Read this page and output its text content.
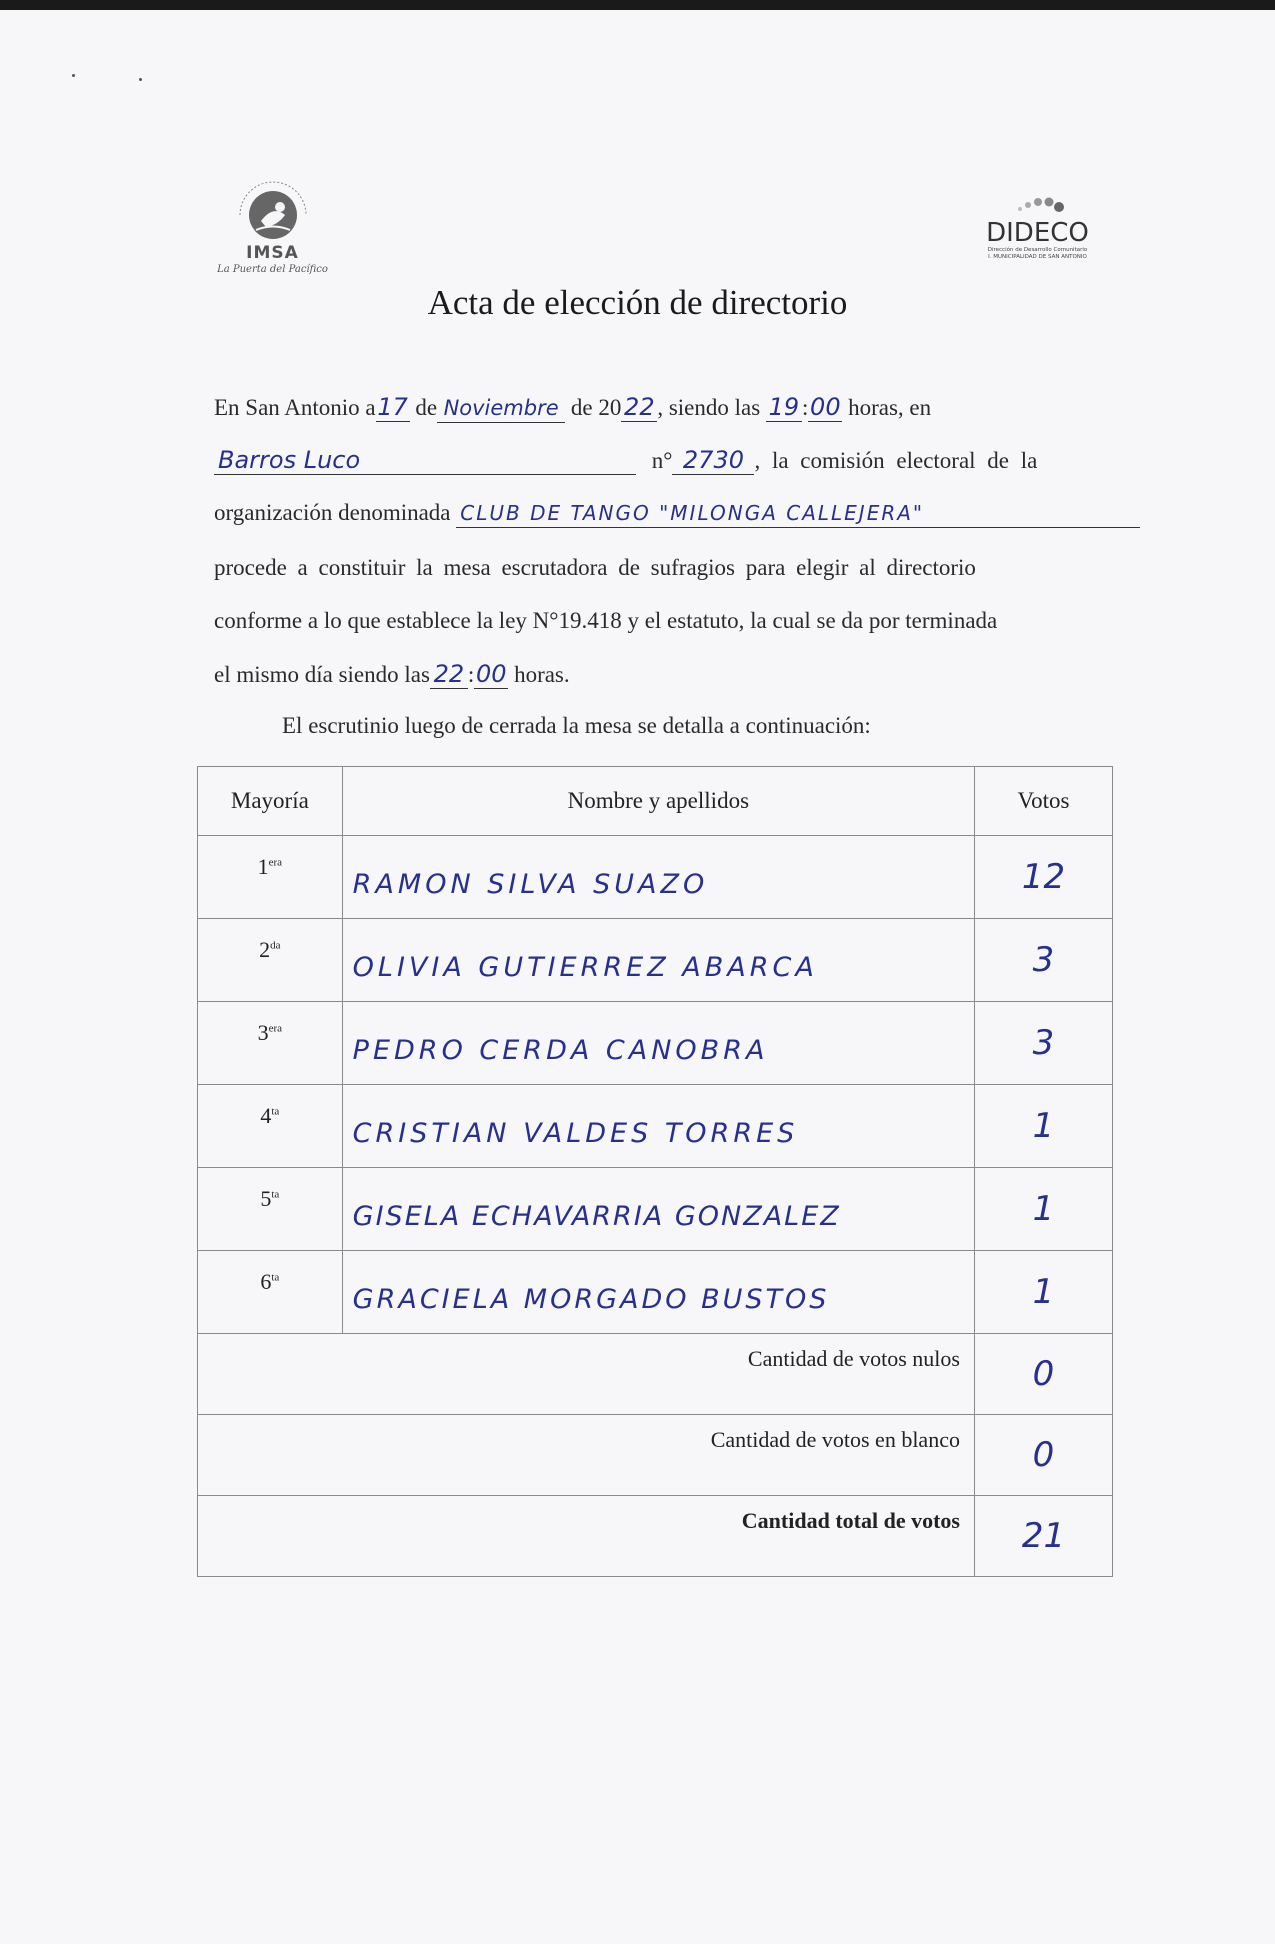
IMSA
La Puerta del Pacífico
DIDECO
Dirección de Desarrollo Comunitario
I. MUNICIPALIDAD DE SAN ANTONIO
Acta de elección de directorio
En San Antonio a17 de Noviembre de 20 22 , siendo las 19 :00 horas, en
Barros Luco	n° 2730 , la comisión electoral de la
organización denominada CLUB DE TANGO "MILONGA CALLEJERA"
procede a constituir la mesa escrutadora de sufragios para elegir al directorio
conforme a lo que establece la ley N°19.418 y el estatuto, la cual se da por terminada
el mismo día siendo las 22 :00 horas.
El escrutinio luego de cerrada la mesa se detalla a continuación:
Mayoría	Nombre y apellidos	Votos
$1^{era}$	RAMON SILVA SUAZO	12
$2^{da}$	OLIVIA GUTIERREZ ABARCA	3
$3^{era}$	PEDRO CERDA CANOBRA	3
$4^{ta}$	CRISTIAN VALDES TORRES	1
$5^{ta}$	GISELA ECHAVARRIA GONZALEZ	1
$6^{ta}$	GRACIELA MORGADO BUSTOS	1
Cantidad de votos nulos		0
Cantidad de votos en blanco		0
Cantidad total de votos		21
